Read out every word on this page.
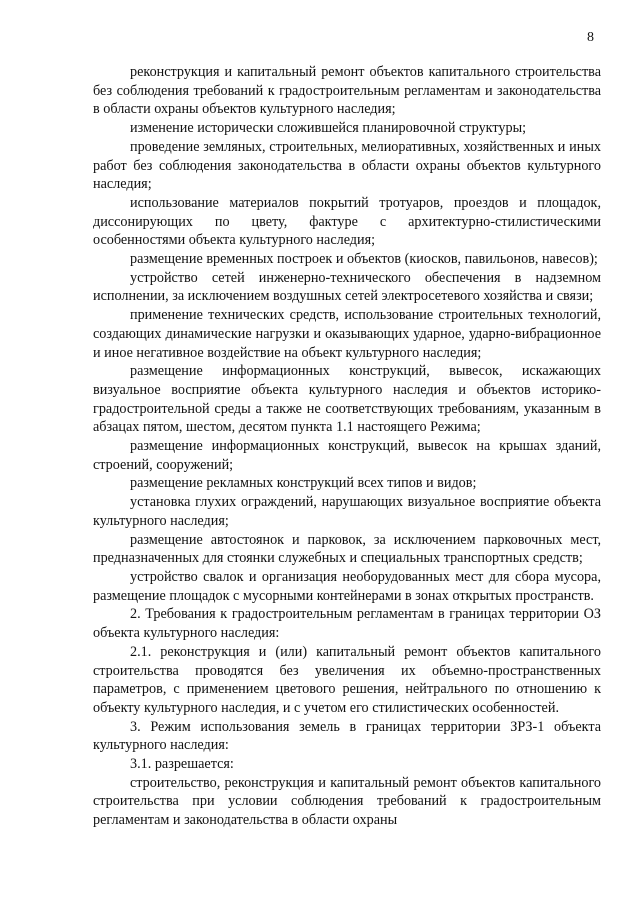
8

реконструкция и капитальный ремонт объектов капитального строительства без соблюдения требований к градостроительным регламентам и законодательства в области охраны объектов культурного наследия;

изменение исторически сложившейся планировочной структуры;

проведение земляных, строительных, мелиоративных, хозяйственных и иных работ без соблюдения законодательства в области охраны объектов культурного наследия;

использование материалов покрытий тротуаров, проездов и площадок, диссонирующих по цвету, фактуре с архитектурно-стилистическими особенностями объекта культурного наследия;

размещение временных построек и объектов (киосков, павильонов, навесов);

устройство сетей инженерно-технического обеспечения в надземном исполнении, за исключением воздушных сетей электросетевого хозяйства и связи;

применение технических средств, использование строительных технологий, создающих динамические нагрузки и оказывающих ударное, ударно-вибрационное и иное негативное воздействие на объект культурного наследия;

размещение информационных конструкций, вывесок, искажающих визуальное восприятие объекта культурного наследия и объектов историко-градостроительной среды а также не соответствующих требованиям, указанным в абзацах пятом, шестом, десятом пункта 1.1 настоящего Режима;

размещение информационных конструкций, вывесок на крышах зданий, строений, сооружений;

размещение рекламных конструкций всех типов и видов;

установка глухих ограждений, нарушающих визуальное восприятие объекта культурного наследия;

размещение автостоянок и парковок, за исключением парковочных мест, предназначенных для стоянки служебных и специальных транспортных средств;

устройство свалок и организация необорудованных мест для сбора мусора, размещение площадок с мусорными контейнерами в зонах открытых пространств.

2. Требования к градостроительным регламентам в границах территории ОЗ объекта культурного наследия:

2.1. реконструкция и (или) капитальный ремонт объектов капитального строительства проводятся без увеличения их объемно-пространственных параметров, с применением цветового решения, нейтрального по отношению к объекту культурного наследия, и с учетом его стилистических особенностей.

3. Режим использования земель в границах территории ЗРЗ-1 объекта культурного наследия:

3.1. разрешается:

строительство, реконструкция и капитальный ремонт объектов капитального строительства при условии соблюдения требований к градостроительным регламентам и законодательства в области охраны
